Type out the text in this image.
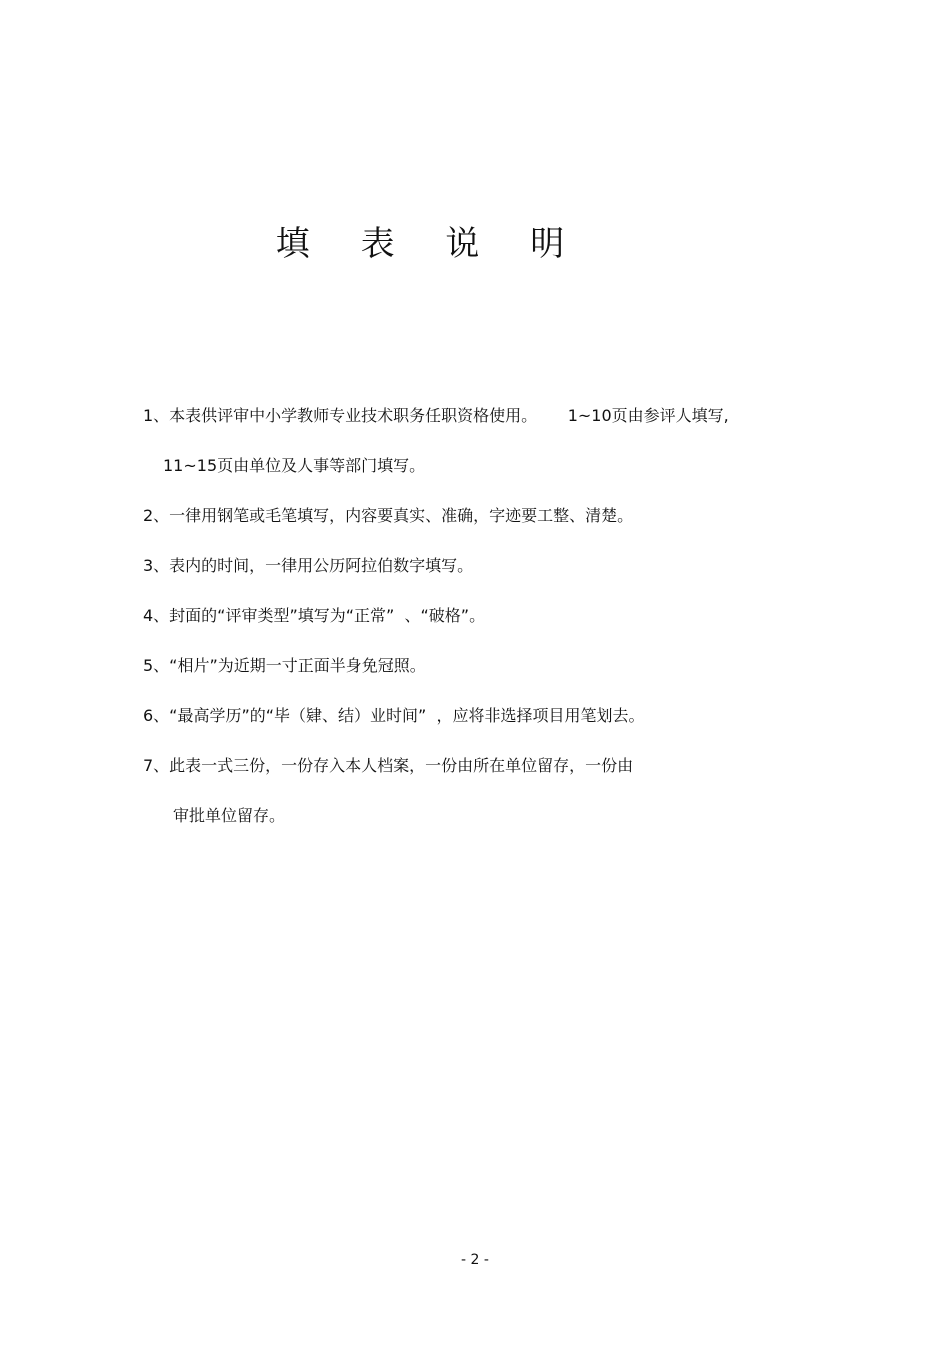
填 表 说 明
1、本表供评审中小学教师专业技术职务任职资格使用。      1~10页由参评人填写,
11~15页由单位及人事等部门填写。
2、一律用钢笔或毛笔填写，内容要真实、准确，字迹要工整、清楚。
3、表内的时间，一律用公历阿拉伯数字填写。
4、封面的“评审类型”填写为“正常”  、“破格”。
5、“相片”为近期一寸正面半身免冠照。
6、“最高学历”的“毕（肄、结）业时间”  ，应将非选择项目用笔划去。
7、此表一式三份，一份存入本人档案，一份由所在单位留存，一份由
审批单位留存。
- 2 -
